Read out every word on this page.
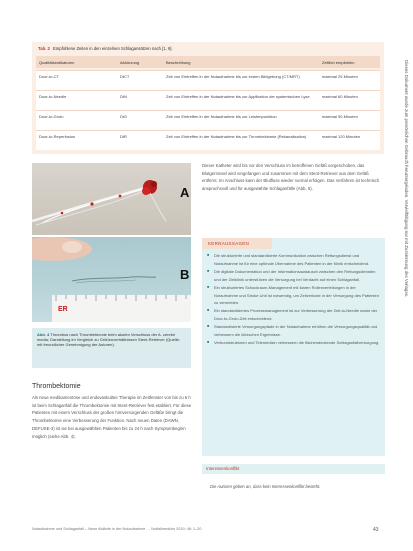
Tab. 2 Empfohlene Zeiten in den einzelnen Schlagansätzen nach [1, 9].
Qualitätsindikatoren	Abkürzung	Beschreibung	Zeitlich empfohlen
Door-to-CT	DtCT	Zeit von Eintreffen in der Notaufnahme bis zur ersten Bildgebung (CT/MRT)	maximal 25 Minuten
Door-to-Needle	DtN	Zeit von Eintreffen in der Notaufnahme bis zur Applikation der systemischen Lyse	maximal 60 Minuten
Door-to-Groin	DtG	Zeit von Eintreffen in der Notaufnahme bis zur Leistenpunktion	maximal 90 Minuten
Door-to-Reperfusion	DtR	Zeit von Eintreffen in der Notaufnahme bis zur Thrombektomie (Rekanalisation)	maximal 120 Minuten
A
ER
B
Abb. 4 Thrombus nach Thrombektomie beim akuten Verschluss der A. cerebri media; Darstellung im Vergleich zu Größenverhältnissen Stent-Retriever (Quelle: mit freundlicher Genehmigung der Autoren).
Thrombektomie
Als neue medikamentöse und endovaskuläre Therapie im Zeitfenster von bis zu 6 h ist beim Schlaganfall die Thrombektomie mit Stent-Retriever fest etabliert. Für diese Patienten mit einem Verschluss der großen hirnversorgenden Gefäße bringt die Thrombektomie eine Verbesserung der Funktion. Nach neuen Daten (DAWN, DEFUSE-3) ist sie bei ausgewählten Patienten bis zu 24 h nach Symptombeginn möglich (siehe Abb. 4).
Dieser Katheter wird bis vor den Verschluss im betroffenen Gefäß vorgeschoben, das Blutgerinnsel wird eingefangen und zusammen mit dem Stent-Retriever aus dem Gefäß entfernt. Im Anschluss kann der Blutfluss wieder normal erfolgen. Das Verfahren ist technisch anspruchsvoll und für ausgewählte Schlaganfälle (Abb. 5).
KERNAUSSAGEN
■ Die strukturierte und standardisierte Kommunikation zwischen Rettungsdienst und Notaufnahme ist für eine optimale Übernahme des Patienten in der Klinik entscheidend.
■ Die digitale Dokumentation und der Informationsaustausch zwischen den Rettungsdiensten und der Zielklinik unterstützen die Versorgung bei Verdacht auf einen Schlaganfall.
■ Ein strukturiertes Schockraum-Management mit klaren Rollenverteilungen in der Notaufnahme und Stroke Unit ist notwendig, um Zeitverluste in der Versorgung des Patienten zu vermeiden.
■ Ein standardisiertes Prozessmanagement ist zur Verbesserung der Zeit-to-Needle sowie der Door-to-Groin-Zeit entscheidend.
■ Standardisierte Versorgungspfade in der Notaufnahme erhöhen die Versorgungsqualität und verbessern die klinischen Ergebnisse.
■ Verbundstrukturen und Telemedizin verbessern die flächendeckende Schlaganfallversorgung.
Interessenkonflikt
Die Autoren geben an, dass kein Interessenkonflikt besteht.
Notaufnahme und Schlaganfall – Neue Abläufe in der Notaufnahme … Notfallmedizin 2019; 46: 1–20	43
Dieses Dokument wurde zum persönlichen Gebrauch heruntergeladen. Vervielfältigung nur mit Zustimmung des Verlages.
